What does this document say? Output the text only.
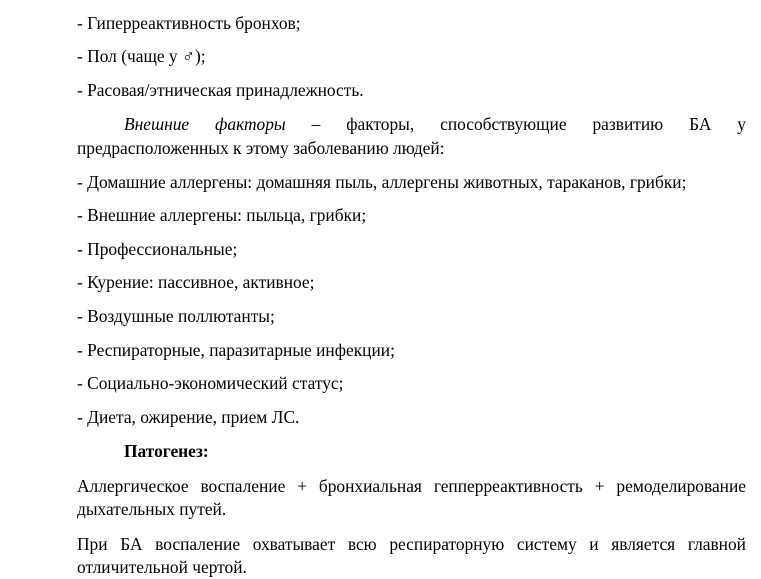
- Гиперреактивность бронхов;
- Пол (чаще у ♂);
- Расовая/этническая принадлежность.
Внешние факторы – факторы, способствующие развитию БА у
предрасположенных к этому заболеванию людей:
- Домашние аллергены: домашняя пыль, аллергены животных, тараканов, грибки;
- Внешние аллергены: пыльца, грибки;
- Профессиональные;
- Курение: пассивное, активное;
- Воздушные поллютанты;
- Респираторные, паразитарные инфекции;
- Социально-экономический статус;
- Диета, ожирение, прием ЛС.
Патогенез:
Аллергическое воспаление + бронхиальная гепперреактивность + ремоделирование
дыхательных путей.
При БА воспаление охватывает всю респираторную систему и является главной
отличительной чертой.
